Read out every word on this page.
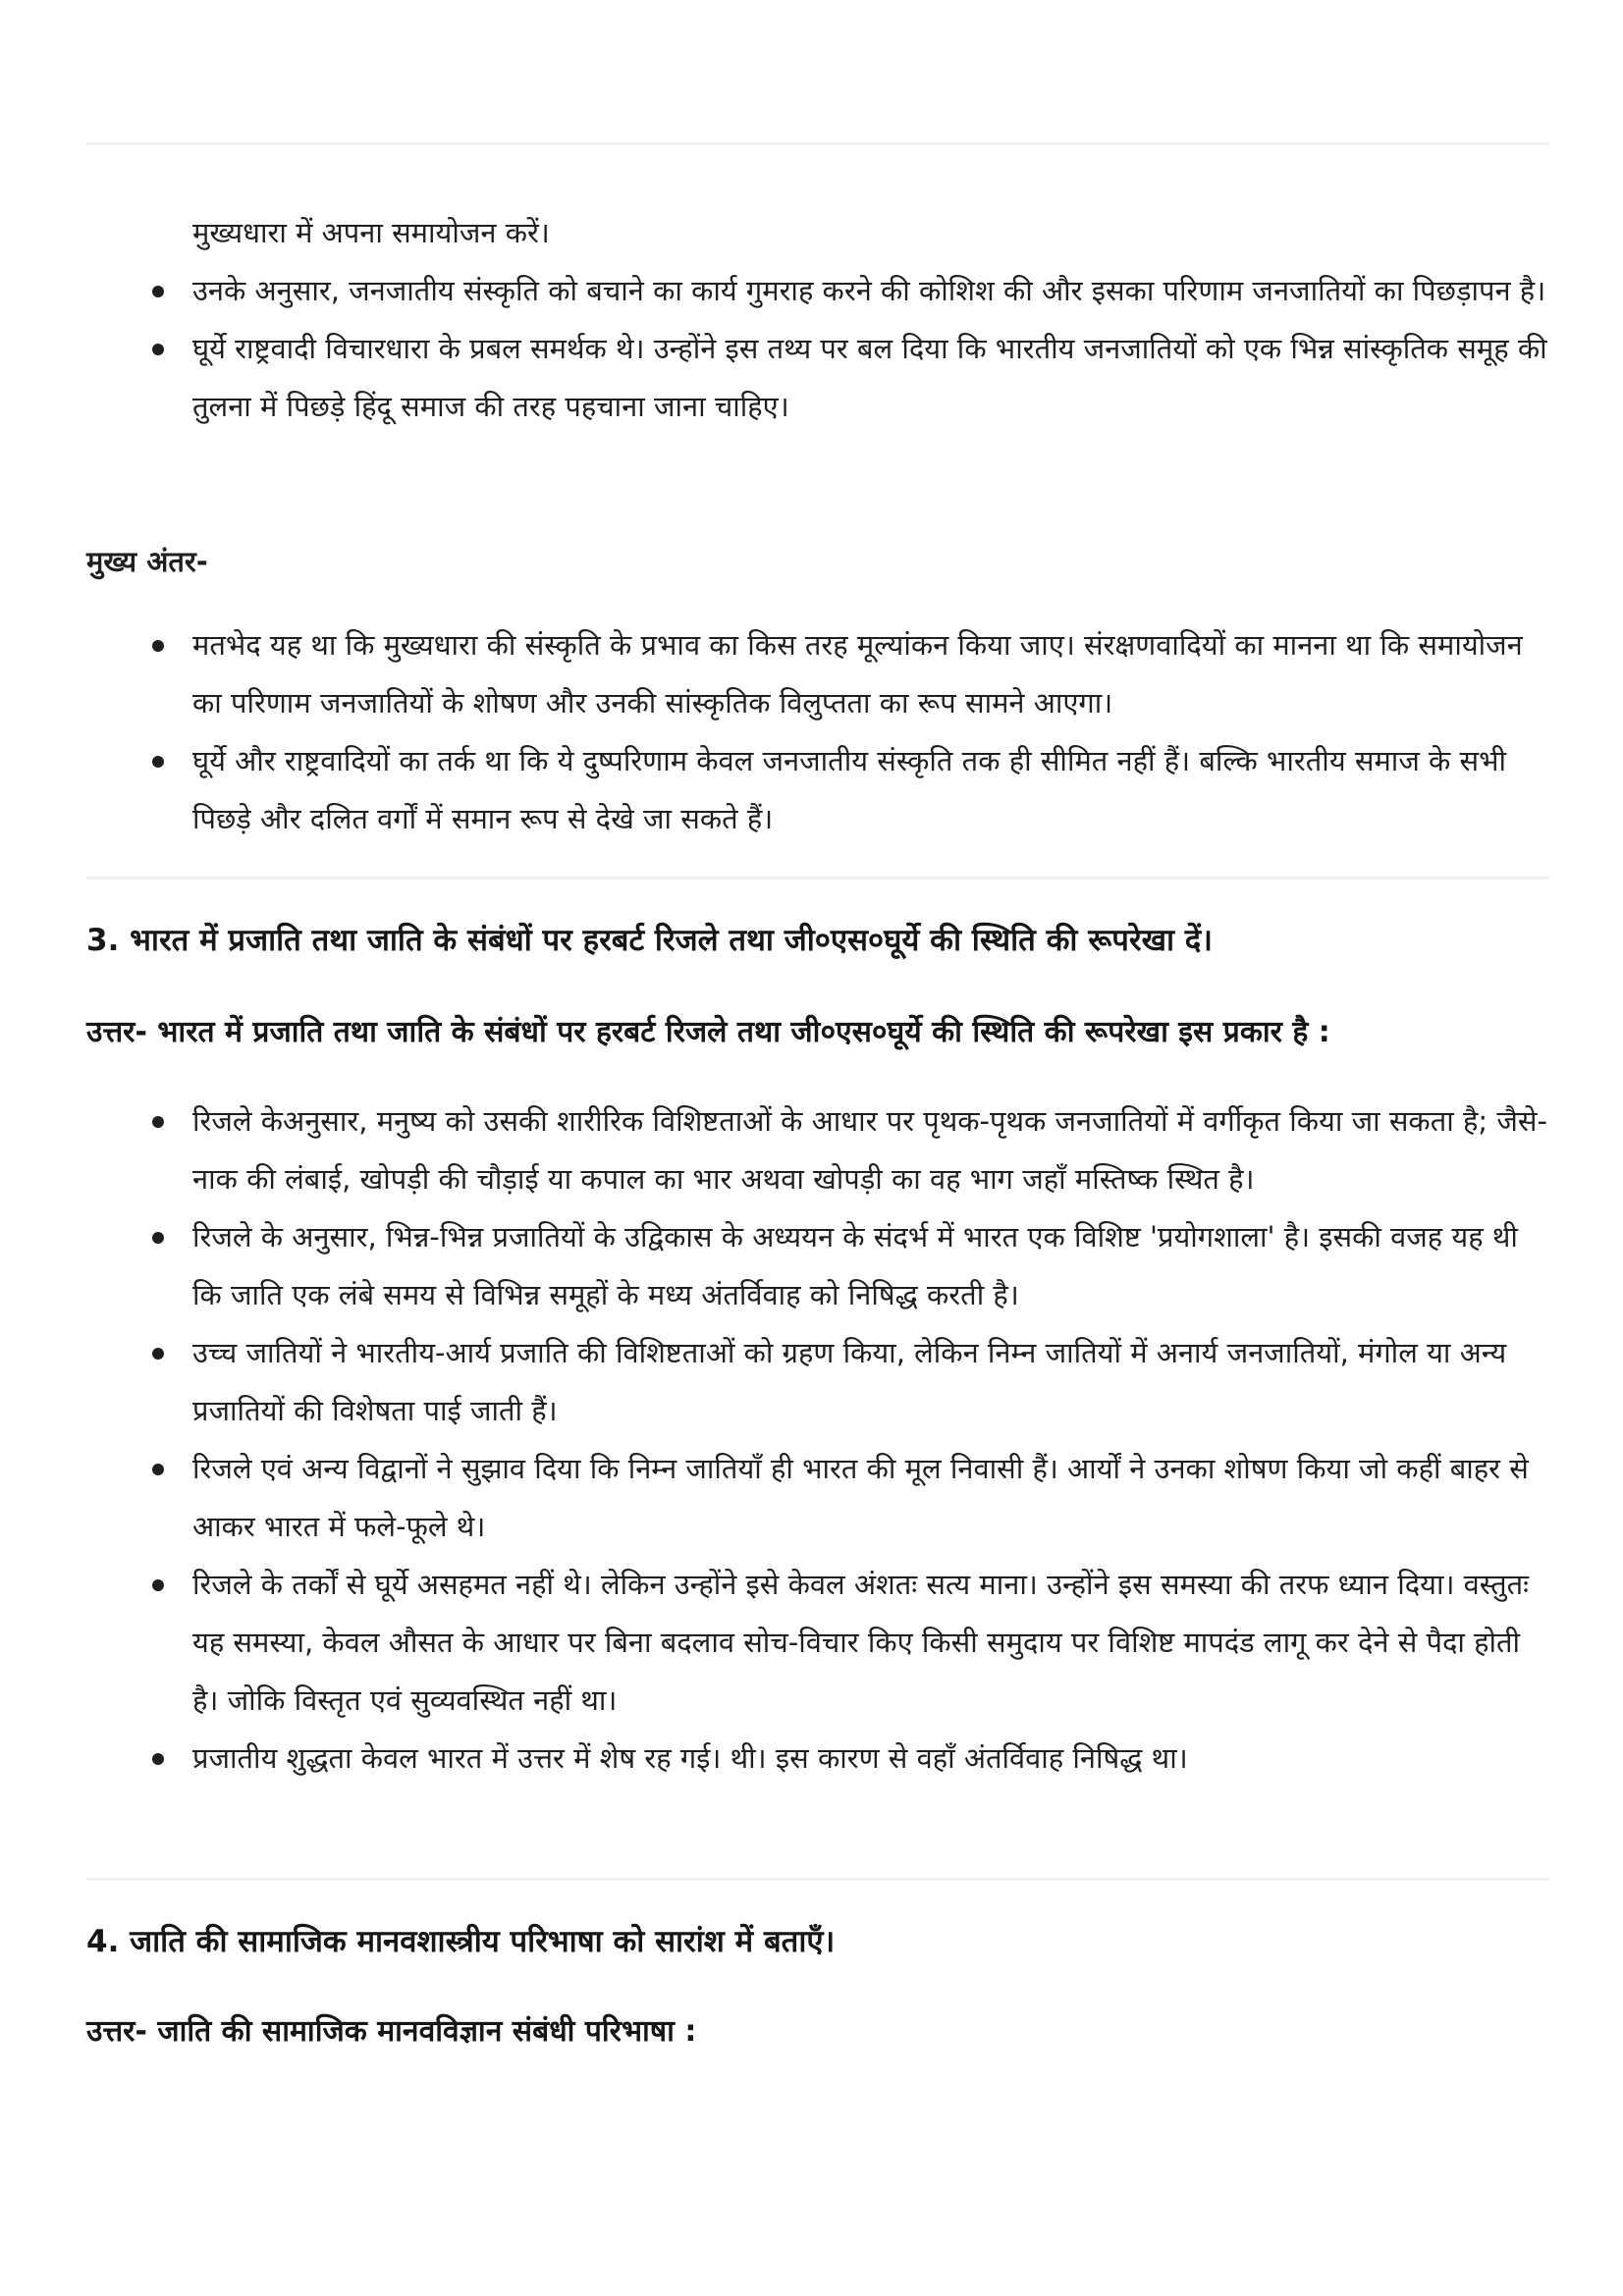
मुख्यधारा में अपना समायोजन करें।
उनके अनुसार, जनजातीय संस्कृति को बचाने का कार्य गुमराह करने की कोशिश की और इसका परिणाम जनजातियों का पिछड़ापन है।
घूर्ये राष्ट्रवादी विचारधारा के प्रबल समर्थक थे। उन्होंने इस तथ्य पर बल दिया कि भारतीय जनजातियों को एक भिन्न सांस्कृतिक समूह की तुलना में पिछड़े हिंदू समाज की तरह पहचाना जाना चाहिए।
मुख्य अंतर-
मतभेद यह था कि मुख्यधारा की संस्कृति के प्रभाव का किस तरह मूल्यांकन किया जाए। संरक्षणवादियों का मानना था कि समायोजन का परिणाम जनजातियों के शोषण और उनकी सांस्कृतिक विलुप्तता का रूप सामने आएगा।
घूर्ये और राष्ट्रवादियों का तर्क था कि ये दुष्परिणाम केवल जनजातीय संस्कृति तक ही सीमित नहीं हैं। बल्कि भारतीय समाज के सभी पिछड़े और दलित वर्गों में समान रूप से देखे जा सकते हैं।
3. भारत में प्रजाति तथा जाति के संबंधों पर हरबर्ट रिजले तथा जी०एस०घूर्ये की स्थिति की रूपरेखा दें।
उत्तर- भारत में प्रजाति तथा जाति के संबंधों पर हरबर्ट रिजले तथा जी०एस०घूर्ये की स्थिति की रूपरेखा इस प्रकार है :
रिजले केअनुसार, मनुष्य को उसकी शारीरिक विशिष्टताओं के आधार पर पृथक-पृथक जनजातियों में वर्गीकृत किया जा सकता है; जैसे- नाक की लंबाई, खोपड़ी की चौड़ाई या कपाल का भार अथवा खोपड़ी का वह भाग जहाँ मस्तिष्क स्थित है।
रिजले के अनुसार, भिन्न-भिन्न प्रजातियों के उद्विकास के अध्ययन के संदर्भ में भारत एक विशिष्ट 'प्रयोगशाला' है। इसकी वजह यह थी कि जाति एक लंबे समय से विभिन्न समूहों के मध्य अंतर्विवाह को निषिद्ध करती है।
उच्च जातियों ने भारतीय-आर्य प्रजाति की विशिष्टताओं को ग्रहण किया, लेकिन निम्न जातियों में अनार्य जनजातियों, मंगोल या अन्य प्रजातियों की विशेषता पाई जाती हैं।
रिजले एवं अन्य विद्वानों ने सुझाव दिया कि निम्न जातियाँ ही भारत की मूल निवासी हैं। आर्यों ने उनका शोषण किया जो कहीं बाहर से आकर भारत में फले-फूले थे।
रिजले के तर्कों से घूर्ये असहमत नहीं थे। लेकिन उन्होंने इसे केवल अंशतः सत्य माना। उन्होंने इस समस्या की तरफ ध्यान दिया। वस्तुतः यह समस्या, केवल औसत के आधार पर बिना बदलाव सोच-विचार किए किसी समुदाय पर विशिष्ट मापदंड लागू कर देने से पैदा होती है। जोकि विस्तृत एवं सुव्यवस्थित नहीं था।
प्रजातीय शुद्धता केवल भारत में उत्तर में शेष रह गई। थी। इस कारण से वहाँ अंतर्विवाह निषिद्ध था।
4. जाति की सामाजिक मानवशास्त्रीय परिभाषा को सारांश में बताएँ।
उत्तर- जाति की सामाजिक मानवविज्ञान संबंधी परिभाषा :
